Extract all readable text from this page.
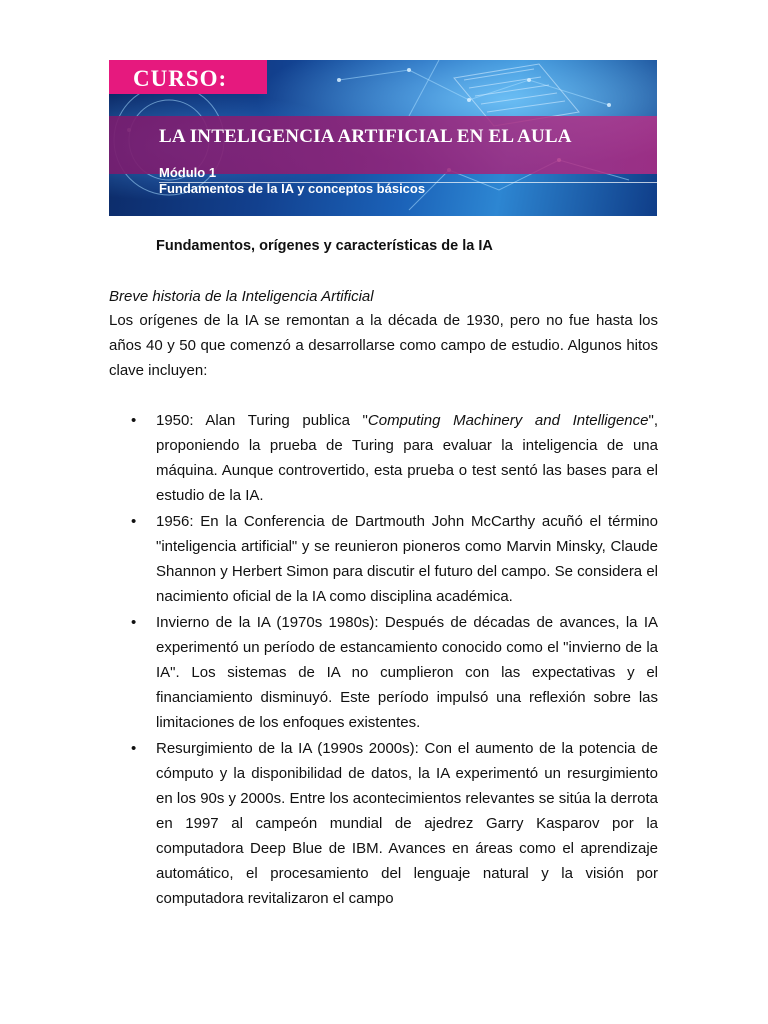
CURSO:
LA INTELIGENCIA ARTIFICIAL EN EL AULA
Módulo 1
Fundamentos de la IA y conceptos básicos
Fundamentos, orígenes y características de la IA
Breve historia de la Inteligencia Artificial
Los orígenes de la IA se remontan a la década de 1930, pero no fue hasta los años 40 y 50 que comenzó a desarrollarse como campo de estudio. Algunos hitos clave incluyen:
• 1950: Alan Turing publica "Computing Machinery and Intelligence", proponiendo la prueba de Turing para evaluar la inteligencia de una máquina. Aunque controvertido, esta prueba o test sentó las bases para el estudio de la IA.
• 1956: En la Conferencia de Dartmouth John McCarthy acuñó el término "inteligencia artificial" y se reunieron pioneros como Marvin Minsky, Claude Shannon y Herbert Simon para discutir el futuro del campo. Se considera el nacimiento oficial de la IA como disciplina académica.
• Invierno de la IA (1970s 1980s): Después de décadas de avances, la IA experimentó un período de estancamiento conocido como el "invierno de la IA". Los sistemas de IA no cumplieron con las expectativas y el financiamiento disminuyó. Este período impulsó una reflexión sobre las limitaciones de los enfoques existentes.
• Resurgimiento de la IA (1990s 2000s): Con el aumento de la potencia de cómputo y la disponibilidad de datos, la IA experimentó un resurgimiento en los 90s y 2000s. Entre los acontecimientos relevantes se sitúa la derrota en 1997 al campeón mundial de ajedrez Garry Kasparov por la computadora Deep Blue de IBM. Avances en áreas como el aprendizaje automático, el procesamiento del lenguaje natural y la visión por computadora revitalizaron el campo
